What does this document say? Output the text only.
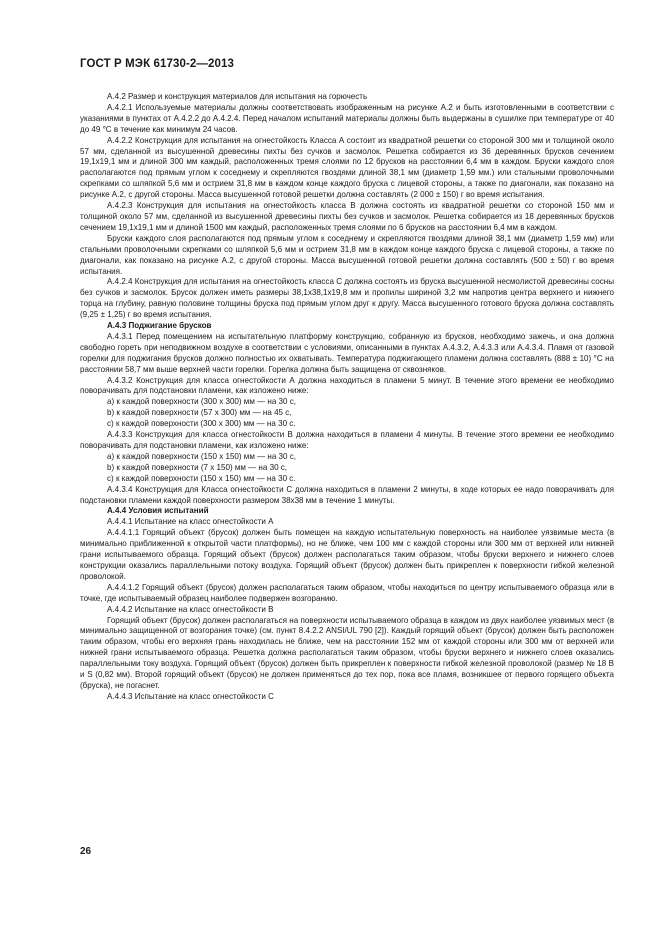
ГОСТ Р МЭК 61730-2—2013

А.4.2 Размер и конструкция материалов для испытания на горючесть

А.4.2.1 Используемые материалы должны соответствовать изображенным на рисунке А.2 и быть изготовленными в соответствии с указаниями в пунктах от А.4.2.2 до А.4.2.4. Перед началом испытаний материалы должны быть выдержаны в сушилке при температуре от 40 до 49 °С в течение как минимум 24 часов.

А.4.2.2 Конструкция для испытания на огнестойкость Класса А состоит из квадратной решетки со стороной 300 мм и толщиной около 57 мм, сделанной из высушенной древесины пихты без сучков и засмолок. Решетка собирается из 36 деревянных брусков сечением 19,1х19,1 мм и длиной 300 мм каждый, расположенных тремя слоями по 12 брусков на расстоянии 6,4 мм в каждом. Бруски каждого слоя располагаются под прямым углом к соседнему и скрепляются гвоздями длиной 38,1 мм (диаметр 1,59 мм.) или стальными проволочными скрепками со шляпкой 5,6 мм и острием 31,8 мм в каждом конце каждого бруска с лицевой стороны, а также по диагонали, как показано на рисунке А.2, с другой стороны. Масса высушенной готовой решетки должна составлять (2 000 ± 150) г во время испытания.

А.4.2.3 Конструкция для испытания на огнестойкость класса В должна состоять из квадратной решетки со стороной 150 мм и толщиной около 57 мм, сделанной из высушенной древесины пихты без сучков и засмолок. Решетка собирается из 18 деревянных брусков сечением 19,1х19,1 мм и длиной 1500 мм каждый, расположенных тремя слоями по 6 брусков на расстоянии 6,4 мм в каждом.

Бруски каждого слоя располагаются под прямым углом к соседнему и скрепляются гвоздями длиной 38,1 мм (диаметр 1,59 мм) или стальными проволочными скрепками со шляпкой 5,6 мм и острием 31,8 мм в каждом конце каждого бруска с лицевой стороны, а также по диагонали, как показано на рисунке А.2, с другой стороны. Масса высушенной готовой решетки должна составлять (500 ± 50) г во время испытания.

А.4.2.4 Конструкция для испытания на огнестойкость класса С должна состоять из бруска высушенной несмолистой древесины сосны без сучков и засмолок. Брусок должен иметь размеры 38,1х38,1х19,8 мм и пропилы шириной 3,2 мм напротив центра верхнего и нижнего торца на глубину, равную половине толщины бруска под прямым углом друг к другу. Масса высушенного готового бруска должна составлять (9,25 ± 1,25) г во время испытания.

А.4.3 Поджигание брусков

А.4.3.1 Перед помещением на испытательную платформу конструкцию, собранную из брусков, необходимо зажечь, и она должна свободно гореть при неподвижном воздухе в соответствии с условиями, описанными в пунктах А.4.3.2, А.4.3.3 или А.4.3.4. Пламя от газовой горелки для поджигания брусков должно полностью их охватывать. Температура поджигающего пламени должна составлять (888 ± 10) °С на расстоянии 58,7 мм выше верхней части горелки. Горелка должна быть защищена от сквозняков.

А.4.3.2 Конструкция для класса огнестойкости А должна находиться в пламени 5 минут. В течение этого времени ее необходимо поворачивать для подстановки пламени, как изложено ниже:

а) к каждой поверхности (300 х 300) мм — на 30 с,

b) к каждой поверхности (57 х 300) мм — на 45 с,

с) к каждой поверхности (300 х 300) мм — на 30 с.

А.4.3.3 Конструкция для класса огнестойкости В должна находиться в пламени 4 минуты. В течение этого времени ее необходимо поворачивать для подстановки пламени, как изложено ниже:

а) к каждой поверхности (150 х 150) мм — на 30 с,

b) к каждой поверхности (7 х 150) мм — на 30 с,

с) к каждой поверхности (150 х 150) мм — на 30 с.

А.4.3.4 Конструкция для Класса огнестойкости С должна находиться в пламени 2 минуты, в ходе которых ее надо поворачивать для подстановки пламени каждой поверхности размером 38х38 мм в течение 1 минуты.

А.4.4 Условия испытаний

А.4.4.1 Испытание на класс огнестойкости А

А.4.4.1.1 Горящий объект (брусок) должен быть помещен на каждую испытательную поверхность на наиболее уязвимые места (в минимально приближенной к открытой части платформы), но не ближе, чем 100 мм с каждой стороны или 300 мм от верхней или нижней грани испытываемого образца. Горящий объект (брусок) должен располагаться таким образом, чтобы бруски верхнего и нижнего слоев конструкции оказались параллельными потоку воздуха. Горящий объект (брусок) должен быть прикреплен к поверхности гибкой железной проволокой.

А.4.4.1.2 Горящий объект (брусок) должен располагаться таким образом, чтобы находиться по центру испытываемого образца или в точке, где испытываемый образец наиболее подвержен возгоранию.

А.4.4.2 Испытание на класс огнестойкости В

Горящий объект (брусок) должен располагаться на поверхности испытываемого образца в каждом из двух наиболее уязвимых мест (в минимально защищенной от возгорания точке) (см. пункт 8.4.2.2 ANSI/UL 790 [2]). Каждый горящий объект (брусок) должен быть расположен таким образом, чтобы его верхняя грань находилась не ближе, чем на расстоянии 152 мм от каждой стороны или 300 мм от верхней или нижней грани испытываемого образца. Решетка должна располагаться таким образом, чтобы бруски верхнего и нижнего слоев оказались параллельными току воздуха. Горящий объект (брусок) должен быть прикреплен к поверхности гибкой железной проволокой (размер № 18 В и S (0,82 мм). Второй горящий объект (брусок) не должен применяться до тех пор, пока все пламя, возникшее от первого горящего объекта (бруска), не погаснет.

А.4.4.3 Испытание на класс огнестойкости С

26
